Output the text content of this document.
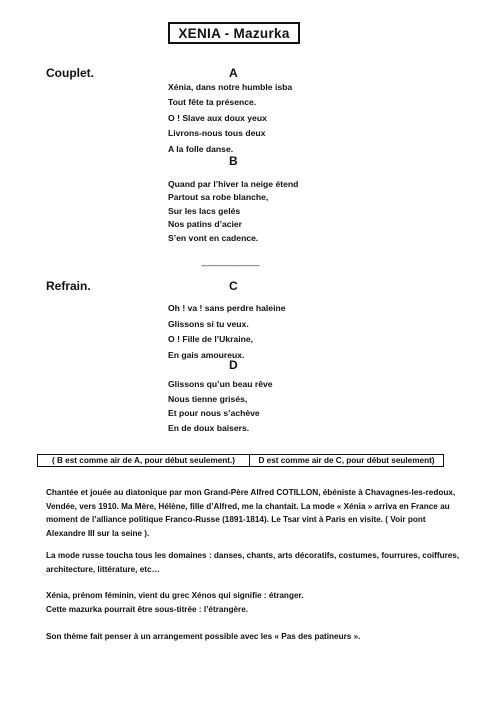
XENIA - Mazurka
Couplet.	A
Xénia, dans notre humble isba
Tout fête ta présence.
O ! Slave aux doux yeux
Livrons-nous tous deux
A la folle danse.
B
Quand par l’hiver la neige étend
Partout sa robe blanche,
Sur les lacs gelés
Nos patins d’acier
S’en vont en cadence.
---------------------------
Refrain.	C
Oh ! va ! sans perdre haleine
Glissons si tu veux.
O ! Fille de l’Ukraine,
En gais amoureux.
D
Glissons qu’un beau rêve
Nous tienne grisés,
Et pour nous s’achève
En de doux baisers.
( B est comme air de A, pour début seulement.)	D est comme air de C, pour début seulement)
Chantée et jouée au diatonique par mon Grand-Père Alfred COTILLON, ébéniste à Chavagnes-les-redoux, Vendée, vers 1910. Ma Mère, Hélène, fille d’Alfred, me la chantait. La mode « Xénia » arriva en France au moment de l’alliance politique Franco-Russe (1891-1814). Le Tsar vint à Paris en visite. ( Voir pont Alexandre III sur la seine ).
La mode russe toucha tous les domaines : danses, chants, arts décoratifs, costumes, fourrures, coiffures, architecture, littérature, etc…
Xénia, prénom féminin, vient du grec Xénos qui signifie : étranger.
Cette mazurka pourrait être sous-titrée : l’étrangère.
Son thème fait penser à un arrangement possible avec les « Pas des patineurs ».
